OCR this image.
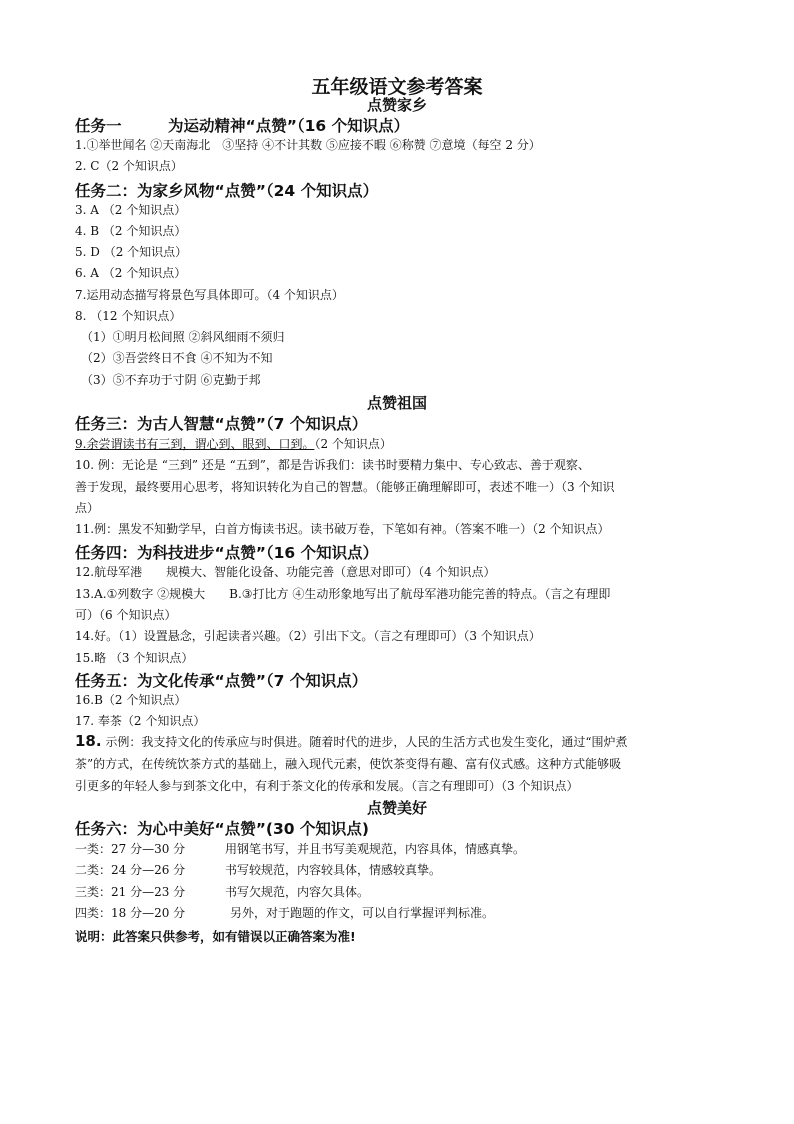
五年级语文参考答案
点赞家乡
任务一　　　为运动精神“点赞”（16 个知识点）
1.①举世闻名 ②天南海北　③坚持 ④不计其数 ⑤应接不暇 ⑥称赞 ⑦意境（每空 2 分）
2. C（2 个知识点）
任务二：为家乡风物“点赞”（24 个知识点）
3. A （2 个知识点）
4. B （2 个知识点）
5. D （2 个知识点）
6. A （2 个知识点）
7.运用动态描写将景色写具体即可。（4 个知识点）
8. （12 个知识点）
（1）①明月松间照 ②斜风细雨不须归
（2）③吾尝终日不食 ④不知为不知
（3）⑤不弃功于寸阴 ⑥克勤于邦
点赞祖国
任务三：为古人智慧“点赞”（7 个知识点）
9.余尝谓读书有三到，谓心到、眼到、口到。（2 个知识点）
10. 例：无论是 “三到” 还是 “五到”，都是告诉我们：读书时要精力集中、专心致志、善于观察、
善于发现，最终要用心思考，将知识转化为自己的智慧。（能够正确理解即可，表述不唯一）（3 个知识
点）
11.例：黑发不知勤学早，白首方悔读书迟。读书破万卷，下笔如有神。（答案不唯一）（2 个知识点）
任务四：为科技进步“点赞”（16 个知识点）
12.航母军港　　规模大、智能化设备、功能完善（意思对即可）（4 个知识点）
13.A.①列数字 ②规模大　　B.③打比方 ④生动形象地写出了航母军港功能完善的特点。（言之有理即
可）（6 个知识点）
14.好。（1）设置悬念，引起读者兴趣。（2）引出下文。（言之有理即可）（3 个知识点）
15.略 （3 个知识点）
任务五：为文化传承“点赞”（7 个知识点）
16.B（2 个知识点）
17. 奉茶（2 个知识点）
18. 示例：我支持文化的传承应与时俱进。随着时代的进步，人民的生活方式也发生变化，通过“围炉煮
茶”的方式，在传统饮茶方式的基础上，融入现代元素，使饮茶变得有趣、富有仪式感。这种方式能够吸
引更多的年轻人参与到茶文化中，有利于茶文化的传承和发展。（言之有理即可）（3 个知识点）
点赞美好
任务六：为心中美好“点赞”(30 个知识点)
一类：27 分—30 分	用钢笔书写，并且书写美观规范，内容具体，情感真挚。
二类：24 分—26 分	书写较规范，内容较具体，情感较真挚。
三类：21 分—23 分	书写欠规范，内容欠具体。
四类：18 分—20 分	另外，对于跑题的作文，可以自行掌握评判标准。
说明：此答案只供参考，如有错误以正确答案为准!
